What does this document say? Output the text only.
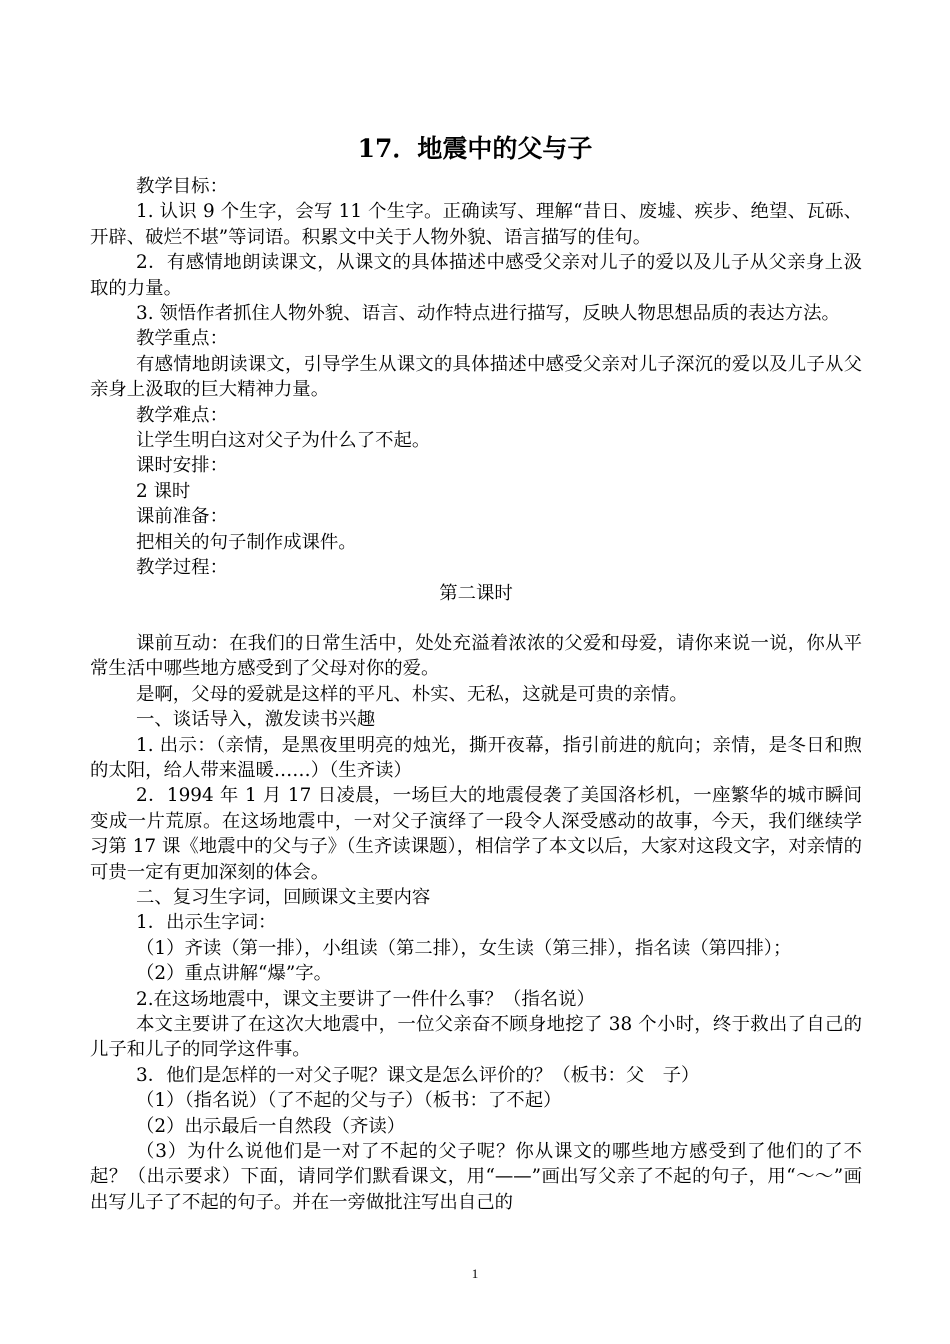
17．地震中的父与子

教学目标：

1. 认识 9 个生字，会写 11 个生字。正确读写、理解“昔日、废墟、疾步、绝望、瓦砾、开辟、破烂不堪”等词语。积累文中关于人物外貌、语言描写的佳句。

2．有感情地朗读课文，从课文的具体描述中感受父亲对儿子的爱以及儿子从父亲身上汲取的力量。

3. 领悟作者抓住人物外貌、语言、动作特点进行描写，反映人物思想品质的表达方法。

教学重点：

有感情地朗读课文，引导学生从课文的具体描述中感受父亲对儿子深沉的爱以及儿子从父亲身上汲取的巨大精神力量。

教学难点：

让学生明白这对父子为什么了不起。

课时安排：

2 课时

课前准备：

把相关的句子制作成课件。

教学过程：

第二课时

课前互动：在我们的日常生活中，处处充溢着浓浓的父爱和母爱，请你来说一说，你从平常生活中哪些地方感受到了父母对你的爱。

是啊，父母的爱就是这样的平凡、朴实、无私，这就是可贵的亲情。

一、谈话导入，激发读书兴趣

1. 出示：（亲情，是黑夜里明亮的烛光，撕开夜幕，指引前进的航向；亲情，是冬日和煦的太阳，给人带来温暖……）（生齐读）

2．1994 年 1 月 17 日凌晨，一场巨大的地震侵袭了美国洛杉机，一座繁华的城市瞬间变成一片荒原。在这场地震中，一对父子演绎了一段令人深受感动的故事，今天，我们继续学习第 17 课《地震中的父与子》（生齐读课题），相信学了本文以后，大家对这段文字，对亲情的可贵一定有更加深刻的体会。

二、复习生字词，回顾课文主要内容

1．出示生字词：

（1）齐读（第一排），小组读（第二排），女生读（第三排），指名读（第四排）；

（2）重点讲解“爆”字。

2.在这场地震中，课文主要讲了一件什么事？（指名说）

本文主要讲了在这次大地震中，一位父亲奋不顾身地挖了 38 个小时，终于救出了自己的儿子和儿子的同学这件事。

3．他们是怎样的一对父子呢？课文是怎么评价的？（板书：父　子）

（1）（指名说）（了不起的父与子）（板书：了不起）

（2）出示最后一自然段（齐读）

（3）为什么说他们是一对了不起的父子呢？你从课文的哪些地方感受到了他们的了不起？（出示要求）下面，请同学们默看课文，用“——”画出写父亲了不起的句子，用“～～”画出写儿子了不起的句子。并在一旁做批注写出自己的

1
